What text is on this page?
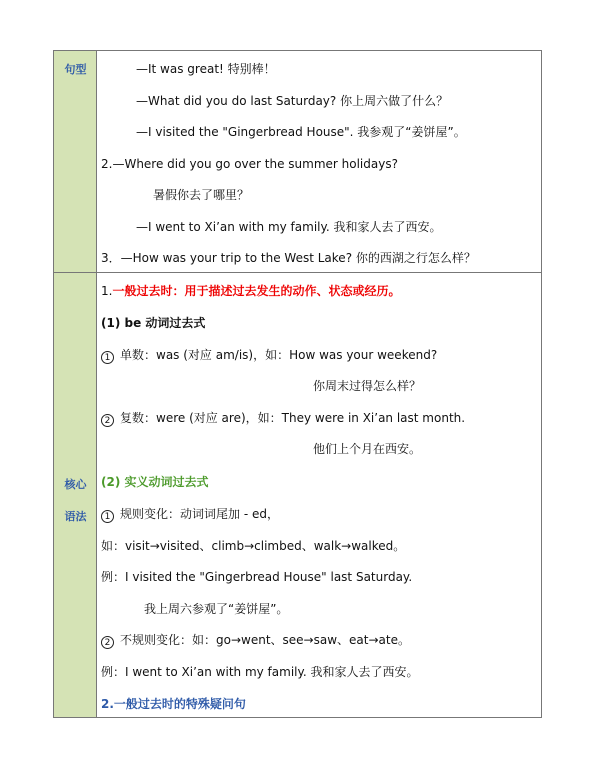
句型	—It was great! 特别棒！
—What did you do last Saturday? 你上周六做了什么？
—I visited the "Gingerbread House". 我参观了“姜饼屋”。
2.—Where did you go over the summer holidays?
暑假你去了哪里？
—I went to Xi’an with my family. 我和家人去了西安。
3．—How was your trip to the West Lake? 你的西湖之行怎么样？
核心
语法
1.一般过去时：用于描述过去发生的动作、状态或经历。
(1) be 动词过去式
1 单数：was (对应 am/is)，如：How was your weekend?
你周末过得怎么样？
2 复数：were (对应 are)，如：They were in Xi’an last month.
他们上个月在西安。
(2) 实义动词过去式
1 规则变化：动词词尾加 - ed，
如：visit→visited、climb→climbed、walk→walked。
例：I visited the "Gingerbread House" last Saturday.
我上周六参观了“姜饼屋”。
2 不规则变化：如：go→went、see→saw、eat→ate。
例：I went to Xi’an with my family. 我和家人去了西安。
2.一般过去时的特殊疑问句
